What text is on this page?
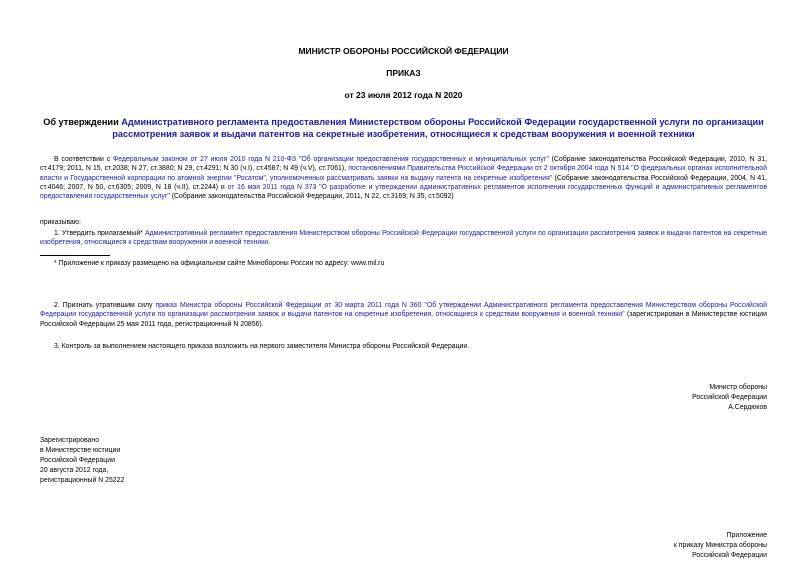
МИНИСТР ОБОРОНЫ РОССИЙСКОЙ ФЕДЕРАЦИИ
ПРИКАЗ
от 23 июля 2012 года N 2020
Об утверждении Административного регламента предоставления Министерством обороны Российской Федерации государственной услуги по организации рассмотрения заявок и выдачи патентов на секретные изобретения, относящиеся к средствам вооружения и военной техники
В соответствии с Федеральным законом от 27 июля 2010 года N 210-ФЗ "Об организации предоставления государственных и муниципальных услуг" (Собрание законодательства Российской Федерации, 2010, N 31, ст.4179; 2011, N 15, ст.2038; N 27, ст.3880; N 29, ст.4291; N 30 (ч.I), ст.4587; N 49 (ч.V), ст.7061), постановлениями Правительства Российской Федерации от 2 октября 2004 года N 514 "О федеральных органах исполнительной власти и Государственной корпорации по атомной энергии "Росатом", уполномоченных рассматривать заявки на выдачу патента на секретные изобретения" (Собрание законодательства Российской Федерации, 2004, N 41, ст.4046; 2007, N 50, ст.6305; 2009, N 18 (ч.II), ст.2244) и от 16 мая 2011 года N 373 "О разработке и утверждении административных регламентов исполнения государственных функций и административных регламентов предоставления государственных услуг" (Собрание законодательства Российской Федерации, 2011, N 22, ст.3169; N 35, ст.5092)
приказываю:
1. Утвердить прилагаемый* Административный регламент предоставления Министерством обороны Российской Федерации государственной услуги по организации рассмотрения заявок и выдачи патентов на секретные изобретения, относящиеся к средствам вооружения и военной техники.
* Приложение к приказу размещено на официальном сайте Минобороны России по адресу: www.mil.ru
2. Признать утратившим силу приказ Министра обороны Российской Федерации от 30 марта 2011 года N 360 "Об утверждении Административного регламента предоставления Министерством обороны Российской Федерации государственной услуги по организации рассмотрения заявок и выдачи патентов на секретные изобретения, относящиеся к средствам вооружения и военной техники" (зарегистрирован в Министерстве юстиции Российской Федерации 25 мая 2011 года, регистрационный N 20856).
3. Контроль за выполнением настоящего приказа возложить на первого заместителя Министра обороны Российской Федерации.
Министр обороны
Российской Федерации
А.Сердюков
Зарегистрировано
в Министерстве юстиции
Российской Федерации
20 августа 2012 года,
регистрационный N 25222
Приложение
к приказу Министра обороны
Российской Федерации
